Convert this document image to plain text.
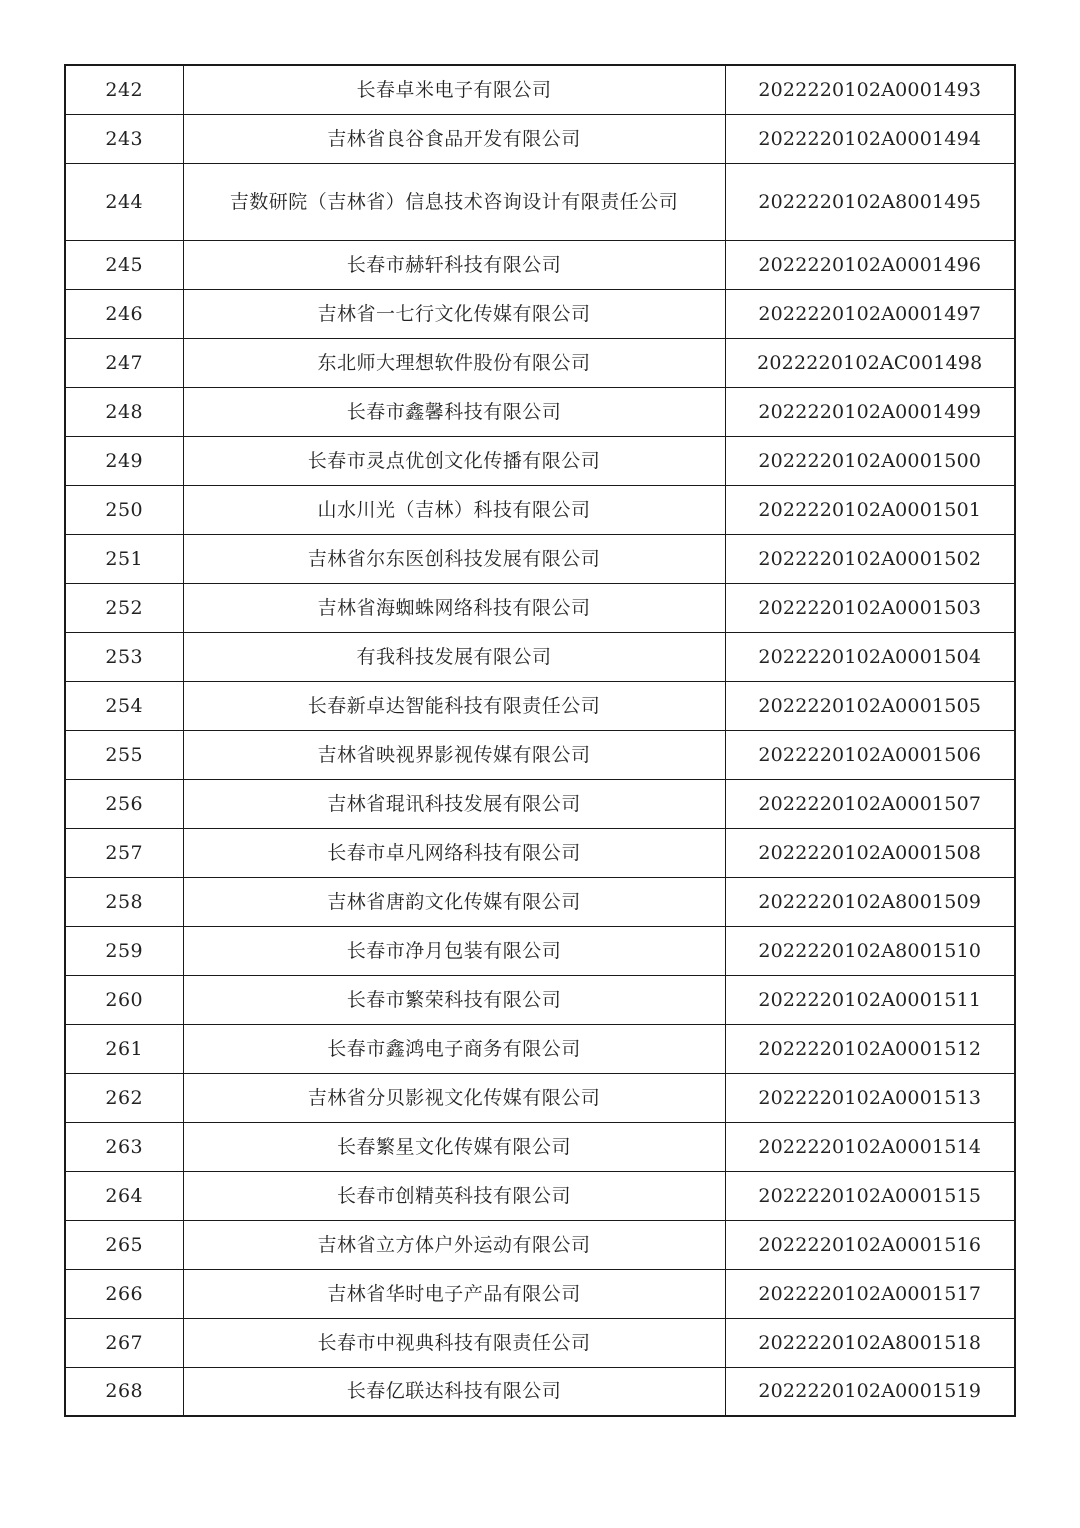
242	长春卓米电子有限公司	2022220102A0001493
243	吉林省良谷食品开发有限公司	2022220102A0001494
244	吉数研院（吉林省）信息技术咨询设计有限责任公司	2022220102A8001495
245	长春市赫轩科技有限公司	2022220102A0001496
246	吉林省一七行文化传媒有限公司	2022220102A0001497
247	东北师大理想软件股份有限公司	2022220102AC001498
248	长春市鑫馨科技有限公司	2022220102A0001499
249	长春市灵点优创文化传播有限公司	2022220102A0001500
250	山水川光（吉林）科技有限公司	2022220102A0001501
251	吉林省尔东医创科技发展有限公司	2022220102A0001502
252	吉林省海蜘蛛网络科技有限公司	2022220102A0001503
253	有我科技发展有限公司	2022220102A0001504
254	长春新卓达智能科技有限责任公司	2022220102A0001505
255	吉林省映视界影视传媒有限公司	2022220102A0001506
256	吉林省琨讯科技发展有限公司	2022220102A0001507
257	长春市卓凡网络科技有限公司	2022220102A0001508
258	吉林省唐韵文化传媒有限公司	2022220102A8001509
259	长春市净月包装有限公司	2022220102A8001510
260	长春市繁荣科技有限公司	2022220102A0001511
261	长春市鑫鸿电子商务有限公司	2022220102A0001512
262	吉林省分贝影视文化传媒有限公司	2022220102A0001513
263	长春繁星文化传媒有限公司	2022220102A0001514
264	长春市创精英科技有限公司	2022220102A0001515
265	吉林省立方体户外运动有限公司	2022220102A0001516
266	吉林省华时电子产品有限公司	2022220102A0001517
267	长春市中视典科技有限责任公司	2022220102A8001518
268	长春亿联达科技有限公司	2022220102A0001519
